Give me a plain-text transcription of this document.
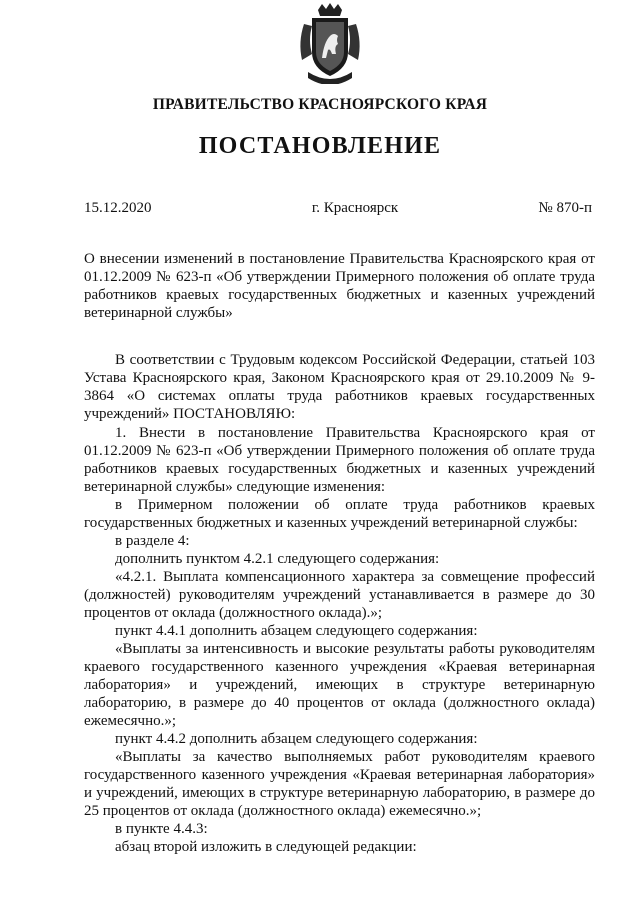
ПРАВИТЕЛЬСТВО КРАСНОЯРСКОГО КРАЯ
ПОСТАНОВЛЕНИЕ
15.12.2020	г. Красноярск	№ 870-п
О внесении изменений в постановление Правительства Красноярского края от 01.12.2009 № 623-п «Об утверждении Примерного положения об оплате труда работников краевых государственных бюджетных и казенных учреждений ветеринарной службы»

В соответствии с Трудовым кодексом Российской Федерации, статьей 103 Устава Красноярского края, Законом Красноярского края от 29.10.2009 № 9-3864 «О системах оплаты труда работников краевых государственных учреждений» ПОСТАНОВЛЯЮ:

1. Внести в постановление Правительства Красноярского края от 01.12.2009 № 623-п «Об утверждении Примерного положения об оплате труда работников краевых государственных бюджетных и казенных учреждений ветеринарной службы» следующие изменения:

в Примерном положении об оплате труда работников краевых государственных бюджетных и казенных учреждений ветеринарной службы:

в разделе 4:

дополнить пунктом 4.2.1 следующего содержания:

«4.2.1. Выплата компенсационного характера за совмещение профессий (должностей) руководителям учреждений устанавливается в размере до 30 процентов от оклада (должностного оклада).»;

пункт 4.4.1 дополнить абзацем следующего содержания:

«Выплаты за интенсивность и высокие результаты работы руководителям краевого государственного казенного учреждения «Краевая ветеринарная лаборатория» и учреждений, имеющих в структуре ветеринарную лабораторию, в размере до 40 процентов от оклада (должностного оклада) ежемесячно.»;

пункт 4.4.2 дополнить абзацем следующего содержания:

«Выплаты за качество выполняемых работ руководителям краевого государственного казенного учреждения «Краевая ветеринарная лаборатория» и учреждений, имеющих в структуре ветеринарную лабораторию, в размере до 25 процентов от оклада (должностного оклада) ежемесячно.»;

в пункте 4.4.3:

абзац второй изложить в следующей редакции:
